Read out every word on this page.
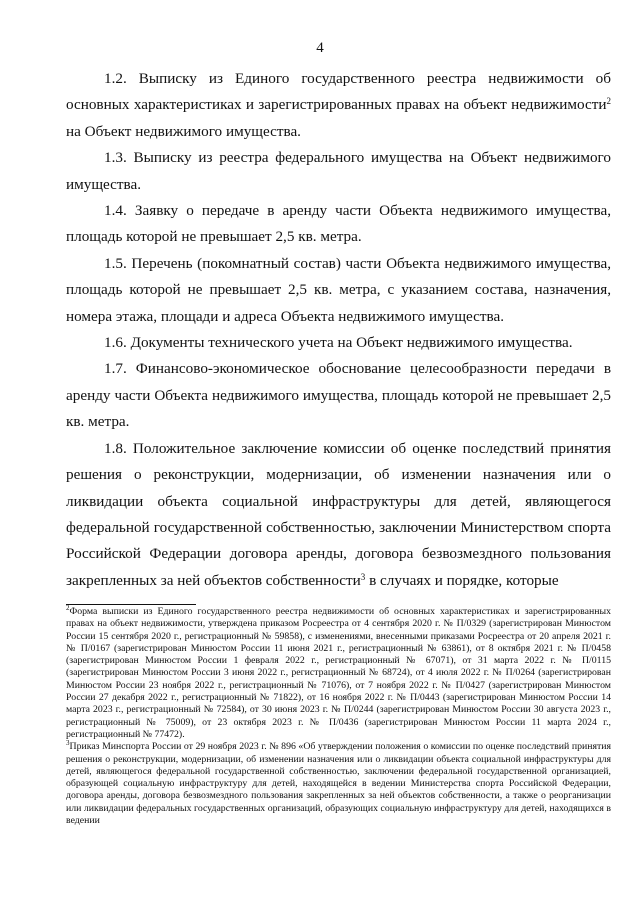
4

1.2. Выписку из Единого государственного реестра недвижимости об основных характеристиках и зарегистрированных правах на объект недвижимости$^2$ на Объект недвижимого имущества.

1.3. Выписку из реестра федерального имущества на Объект недвижимого имущества.

1.4. Заявку о передаче в аренду части Объекта недвижимого имущества, площадь которой не превышает 2,5 кв. метра.

1.5. Перечень (покомнатный состав) части Объекта недвижимого имущества, площадь которой не превышает 2,5 кв. метра, с указанием состава, назначения, номера этажа, площади и адреса Объекта недвижимого имущества.

1.6. Документы технического учета на Объект недвижимого имущества.

1.7. Финансово-экономическое обоснование целесообразности передачи в аренду части Объекта недвижимого имущества, площадь которой не превышает 2,5 кв. метра.

1.8. Положительное заключение комиссии об оценке последствий принятия решения о реконструкции, модернизации, об изменении назначения или о ликвидации объекта социальной инфраструктуры для детей, являющегося федеральной государственной собственностью, заключении Министерством спорта Российской Федерации договора аренды, договора безвозмездного пользования закрепленных за ней объектов собственности$^3$ в случаях и порядке, которые

$^2$Форма выписки из Единого государственного реестра недвижимости об основных характеристиках и зарегистрированных правах на объект недвижимости, утверждена приказом Росреестра от 4 сентября 2020 г. № П/0329 (зарегистрирован Минюстом России 15 сентября 2020 г., регистрационный № 59858), с изменениями, внесенными приказами Росреестра от 20 апреля 2021 г. № П/0167 (зарегистрирован Минюстом России 11 июня 2021 г., регистрационный № 63861), от 8 октября 2021 г. № П/0458 (зарегистрирован Минюстом России 1 февраля 2022 г., регистрационный № 67071), от 31 марта 2022 г. № П/0115 (зарегистрирован Минюстом России 3 июня 2022 г., регистрационный № 68724), от 4 июля 2022 г. № П/0264 (зарегистрирован Минюстом России 23 ноября 2022 г., регистрационный № 71076), от 7 ноября 2022 г. № П/0427 (зарегистрирован Минюстом России 27 декабря 2022 г., регистрационный № 71822), от 16 ноября 2022 г. № П/0443 (зарегистрирован Минюстом России 14 марта 2023 г., регистрационный № 72584), от 30 июня 2023 г. № П/0244 (зарегистрирован Минюстом России 30 августа 2023 г., регистрационный № 75009), от 23 октября 2023 г. № П/0436 (зарегистрирован Минюстом России 11 марта 2024 г., регистрационный № 77472).

$^3$Приказ Минспорта России от 29 ноября 2023 г. № 896 «Об утверждении положения о комиссии по оценке последствий принятия решения о реконструкции, модернизации, об изменении назначения или о ликвидации объекта социальной инфраструктуры для детей, являющегося федеральной государственной собственностью, заключении федеральной государственной организацией, образующей социальную инфраструктуру для детей, находящейся в ведении Министерства спорта Российской Федерации, договора аренды, договора безвозмездного пользования закрепленных за ней объектов собственности, а также о реорганизации или ликвидации федеральных государственных организаций, образующих социальную инфраструктуру для детей, находящихся в ведении
